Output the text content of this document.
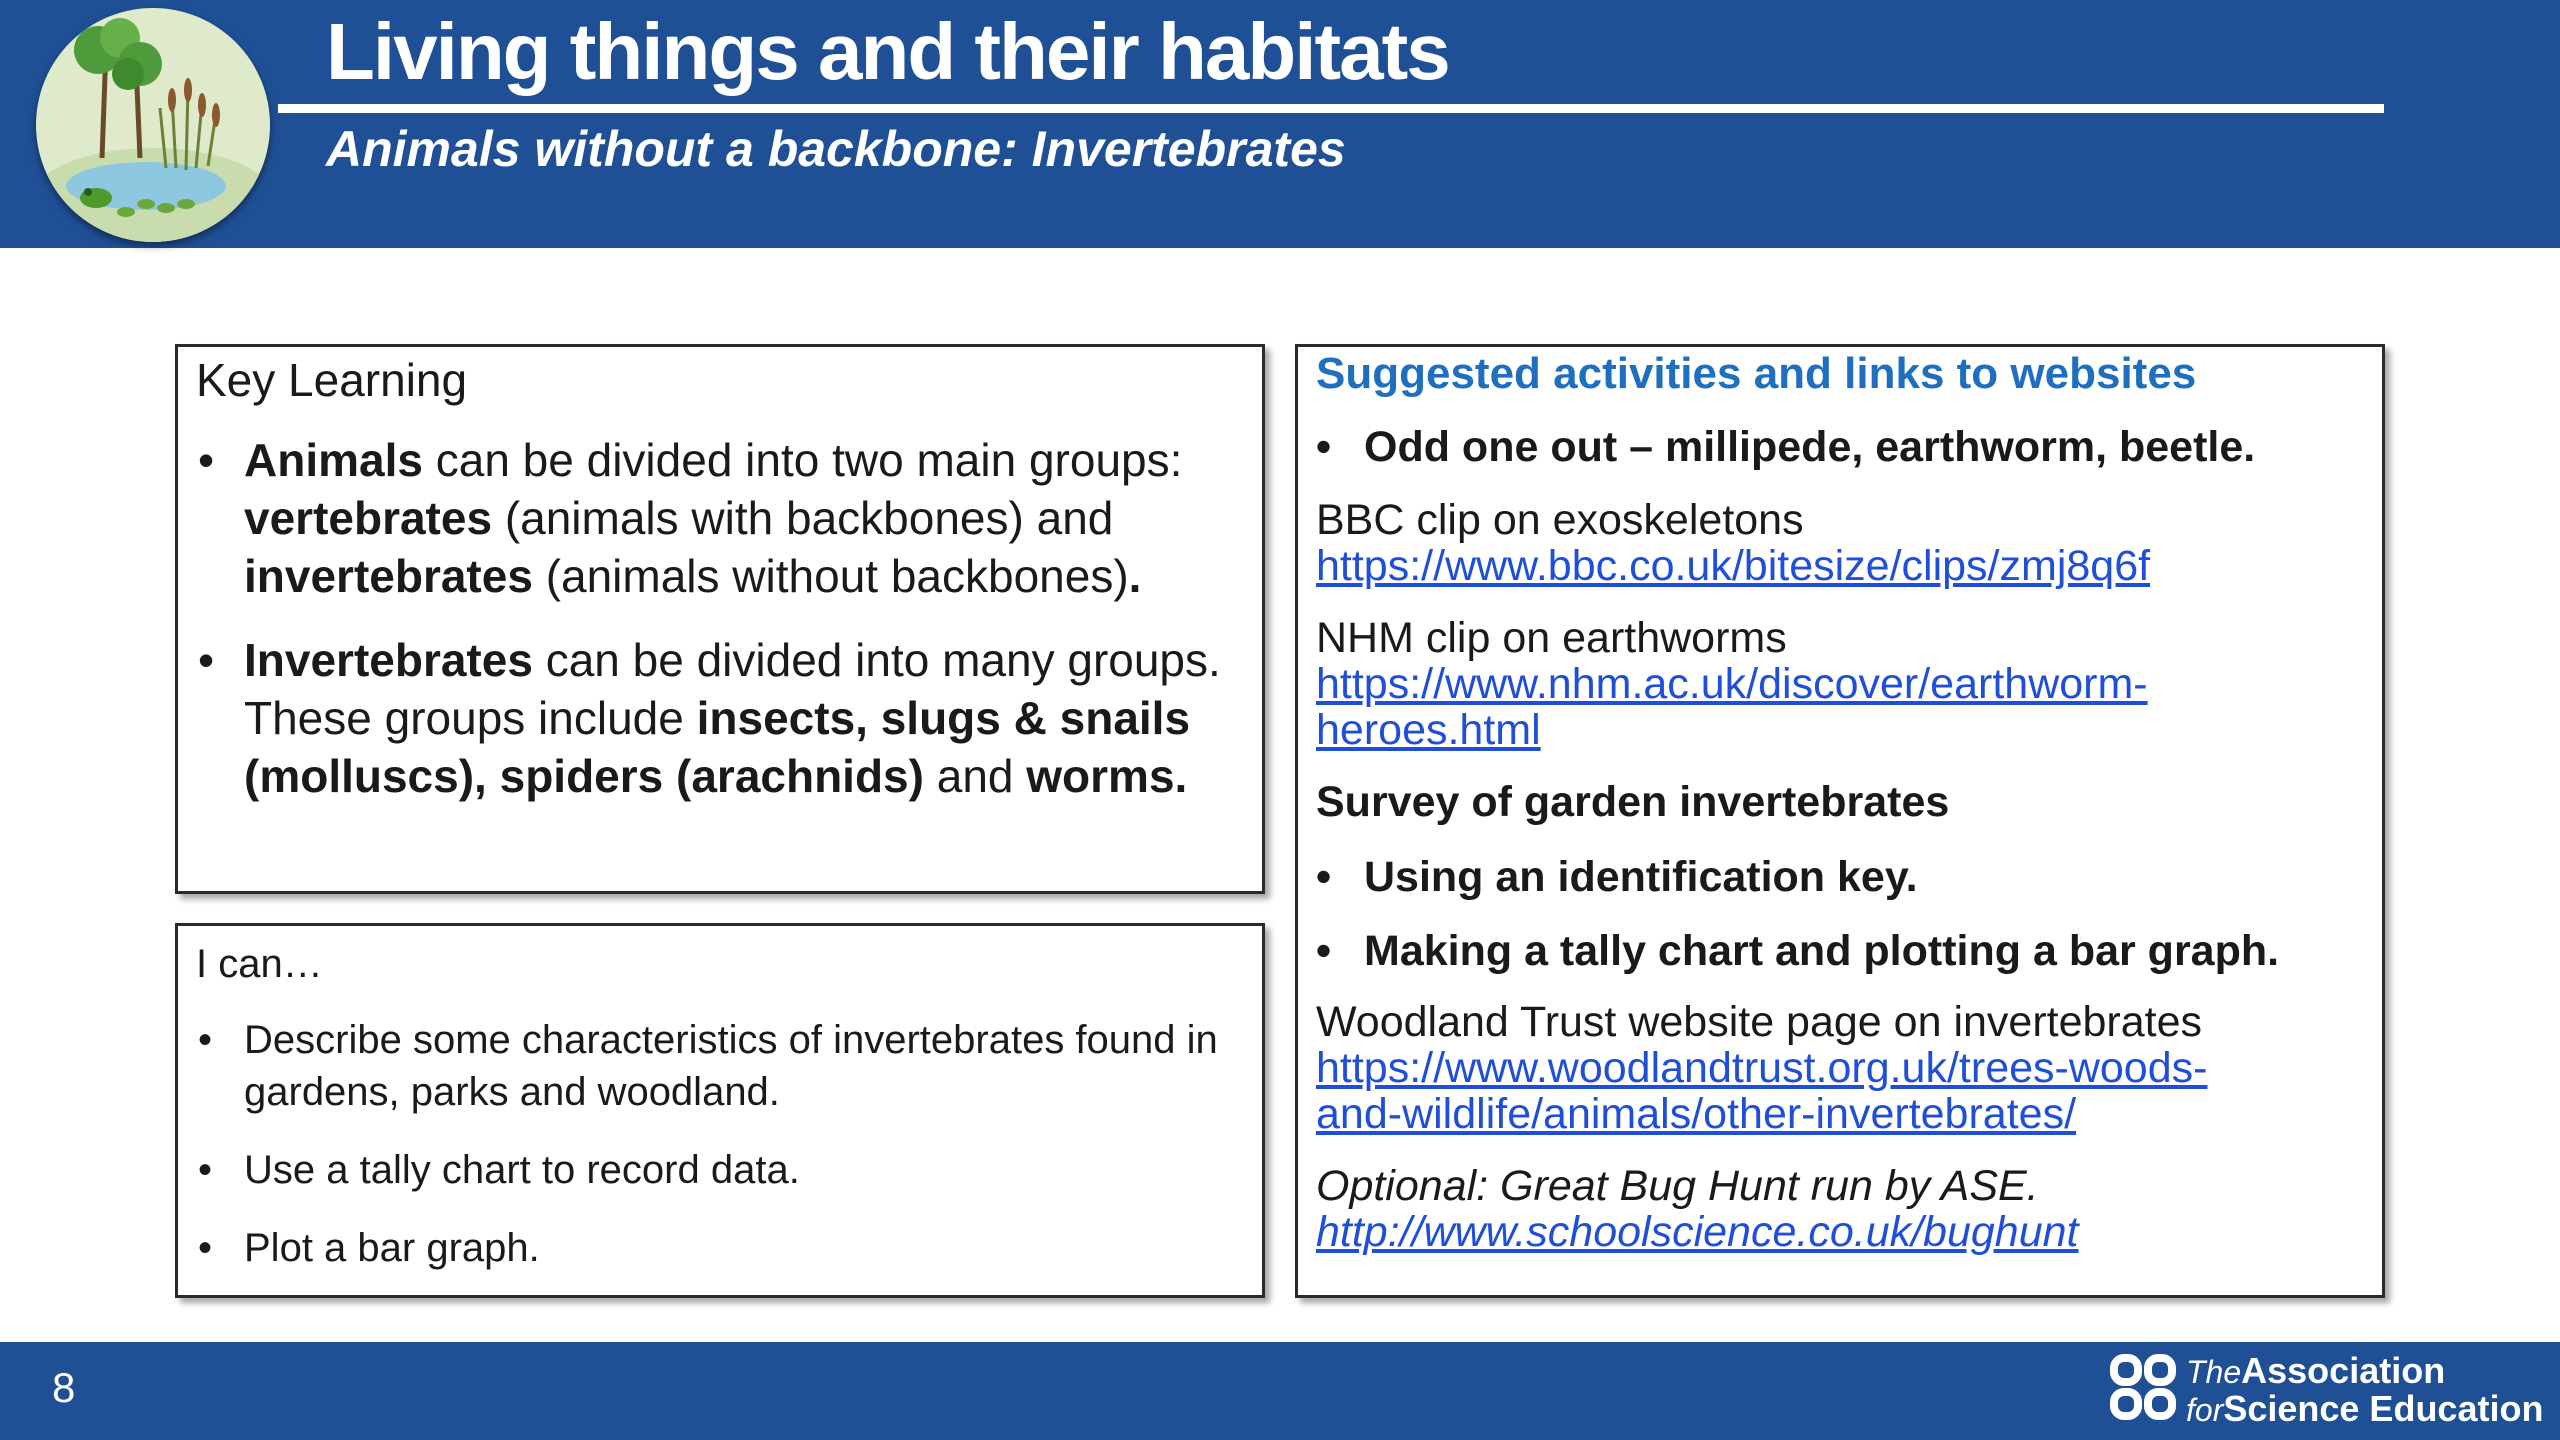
Living things and their habitats
Animals without a backbone: Invertebrates
Key Learning
• Animals can be divided into two main groups: vertebrates (animals with backbones) and invertebrates (animals without backbones).
• Invertebrates can be divided into many groups. These groups include insects, slugs & snails (molluscs), spiders (arachnids) and worms.
I can…
• Describe some characteristics of invertebrates found in gardens, parks and woodland.
• Use a tally chart to record data.
• Plot a bar graph.
Suggested activities and links to websites
• Odd one out – millipede, earthworm, beetle.
BBC clip on exoskeletons
https://www.bbc.co.uk/bitesize/clips/zmj8q6f
NHM clip on earthworms
https://www.nhm.ac.uk/discover/earthworm-
heroes.html
Survey of garden invertebrates
• Using an identification key.
• Making a tally chart and plotting a bar graph.
Woodland Trust website page on invertebrates
https://www.woodlandtrust.org.uk/trees-woods-
and-wildlife/animals/other-invertebrates/
Optional: Great Bug Hunt run by ASE.
http://www.schoolscience.co.uk/bughunt
8	TheAssociation
forScience Education
